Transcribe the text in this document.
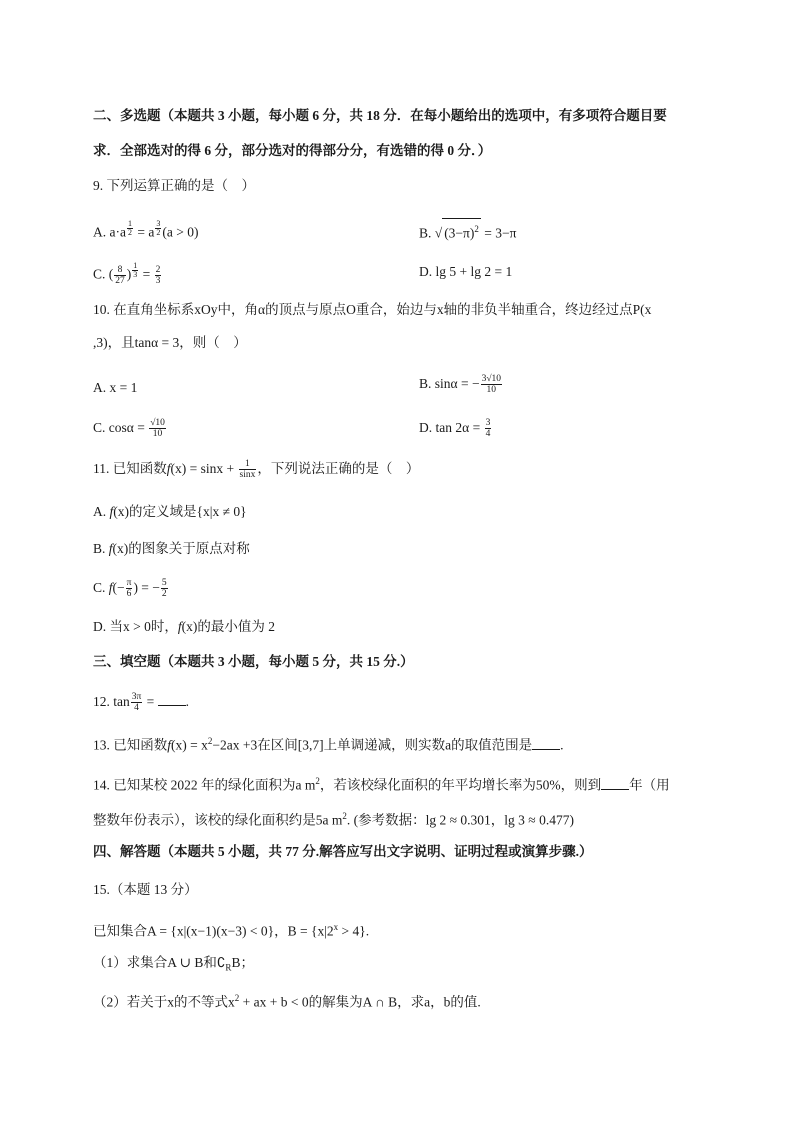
二、多选题（本题共 3 小题，每小题 6 分，共 18 分．在每小题给出的选项中，有多项符合题目要
求．全部选对的得 6 分，部分选对的得部分分，有选错的得 0 分．）
9. 下列运算正确的是（　）
A. a·a $^{\frac{1}{2}}$ = a $^{\frac{3}{2}}$ (a > 0)	B. √ $(3-\pi)^2 = 3-\pi$
C. ( $\frac{8}{27}$ ) $^{\frac{1}{3}} = \frac{2}{3}$	D. lg 5 + lg 2 = 1
10. 在直角坐标系xOy中，角α的顶点与原点O重合，始边与x轴的非负半轴重合，终边经过点P(x
,3)，且tanα = 3，则（　）
A. x = 1	B. sinα = − $\frac{3√10}{10}$
C. $\cos\alpha = \frac{√10}{10}$	D. $\tan 2\alpha = \frac{3}{4}$
11. 已知函数$f(x) = \sin x + \frac{1}{\sin x}$ ，下列说法正确的是（　）
A. f(x)的定义域是{x|x ≠ 0}
B. f(x)的图象关于原点对称
C. $f(- \frac{\pi}{6}$ ) = − $\frac{5}{2}$
D. 当x > 0时，f(x)的最小值为 2
三、填空题（本题共 3 小题，每小题 5 分，共 15 分.）
12. $\tan \frac{3\pi}{4}$ = .
13. 已知函数$f(x) = x^2-2ax +3$在区间[3,7]上单调递减，则实数a的取值范围是 .
14. 已知某校 2022 年的绿化面积为a $m^2$，若该校绿化面积的年平均增长率为50%，则到 年（用
整数年份表示），该校的绿化面积约是5a $m^2$. (参考数据：lg 2 ≈ 0.301，lg 3 ≈ 0.477)
四、解答题（本题共 5 小题，共 77 分.解答应写出文字说明、证明过程或演算步骤.）
15.（本题 13 分）
已知集合A = {x|(x−1)(x−3) < 0}，$B = \{x|2^x > 4\}$.
（1）求集合A ∪ B和$∁_RB$；
（2）若关于x的不等式$x^2$ + ax + b < 0的解集为A ∩ B，求a，b的值.
